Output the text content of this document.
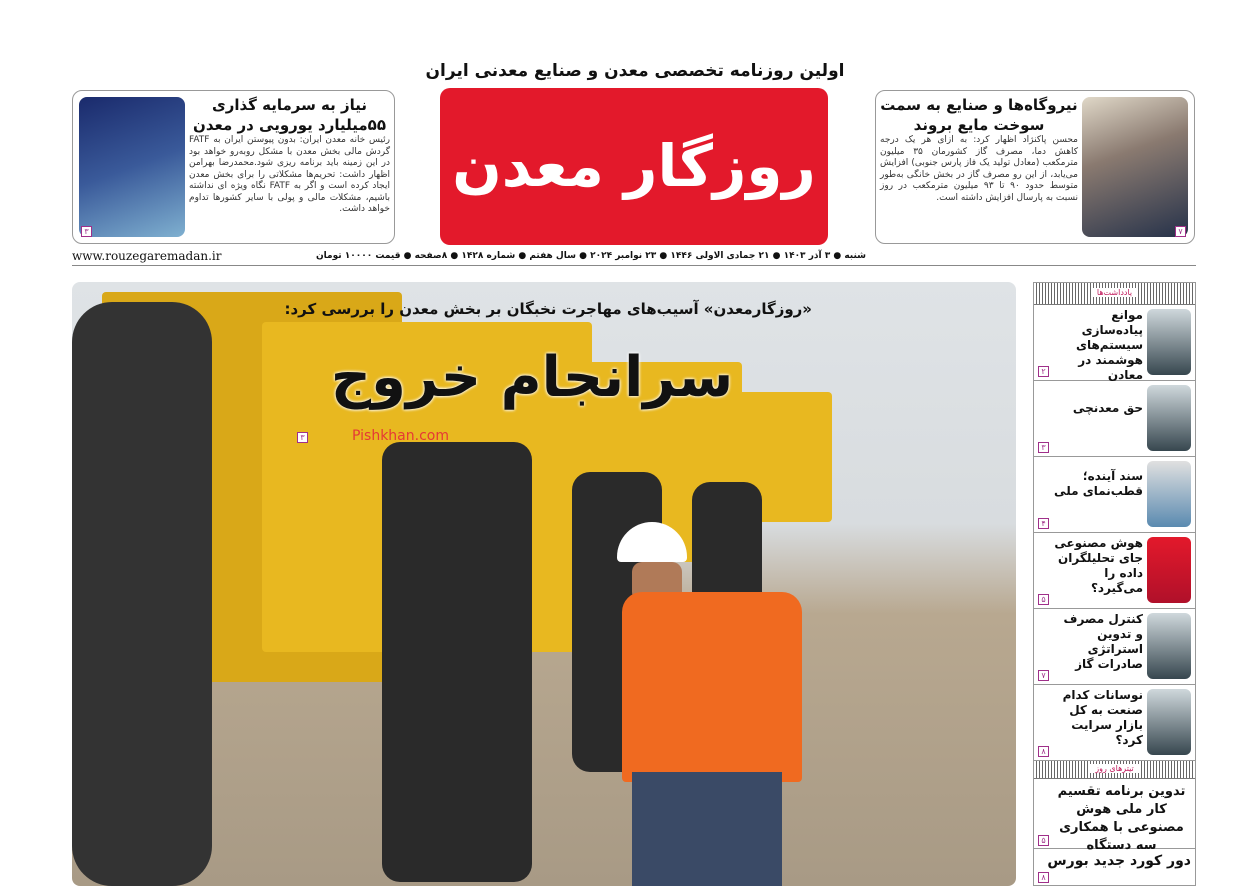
اولین روزنامه تخصصی معدن و صنایع معدنی ایران
روزگار معدن
نیاز به سرمایه گذاری ۵۵میلیارد یورویی در معدن
رئیس خانه معدن ایران: بدون پیوستن ایران به FATF گردش مالی بخش معدن با مشکل روبه‌رو خواهد بود در این زمینه باید برنامه ریزی شود.محمدرضا بهرامن اظهار داشت: تحریم‌ها مشکلاتی را برای بخش معدن ایجاد کرده است و اگر به FATF نگاه ویژه ای نداشته باشیم، مشکلات مالی و پولی با سایر کشورها تداوم خواهد داشت.
۳
نیروگاه‌ها و صنایع به سمت سوخت مایع بروند
محسن پاکنژاد اظهار کرد: به ازای هر یک درجه کاهش دما، مصرف گاز کشورمان ۳۵ میلیون مترمکعب (معادل تولید یک فاز پارس جنوبی) افزایش می‌یابد، از این رو مصرف گاز در بخش خانگی به‌طور متوسط حدود ۹۰ تا ۹۳ میلیون مترمکعب در روز نسبت به پارسال افزایش داشته است.
۷
شنبه ● ۳ آذر ۱۴۰۳ ● ۲۱ جمادی الاولی ۱۴۴۶ ● ۲۳ نوامبر ۲۰۲۴ ● سال هفتم ● شماره ۱۴۲۸ ● ۸صفحه ● قیمت ۱۰۰۰۰ تومان
www.rouzegaremadan.ir
«روزگارمعدن» آسیب‌های مهاجرت نخبگان بر بخش معدن را بررسی کرد:
سرانجام خروج
Pishkhan.com
۳
یادداشت‌ها
موانع پیاده‌سازی سیستم‌های هوشمند در معادن
۲
حق معدنچی
۳
سند آینده؛ قطب‌نمای ملی
۴
هوش مصنوعی جای تحلیلگران داده را می‌گیرد؟
۵
کنترل مصرف و تدوین استراتژی صادرات گاز
۷
نوسانات کدام صنعت به کل بازار سرایت کرد؟
۸
تیترهای روز
تدوین برنامه تقسیم کار ملی هوش مصنوعی با همکاری سه دستگاه
۵
دور کورد جدید بورس
۸
